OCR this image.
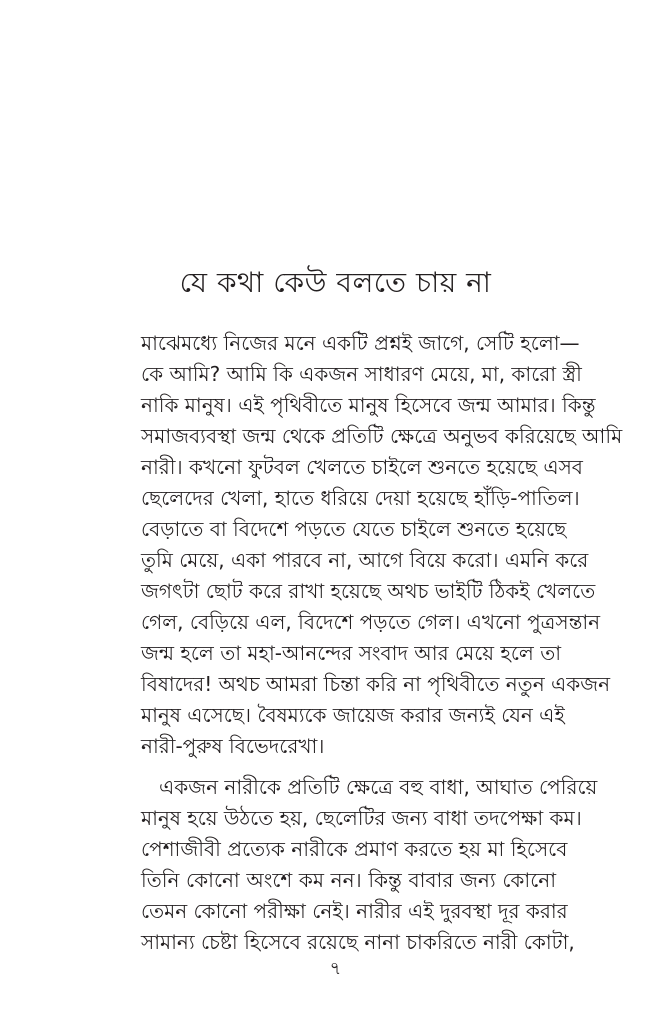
যে কথা কেউ বলতে চায় না
মাঝেমধ্যে নিজের মনে একটি প্রশ্নই জাগে, সেটি হলো—
কে আমি? আমি কি একজন সাধারণ মেয়ে, মা, কারো স্ত্রী
নাকি মানুষ। এই পৃথিবীতে মানুষ হিসেবে জন্ম আমার। কিন্তু
সমাজব্যবস্থা জন্ম থেকে প্রতিটি ক্ষেত্রে অনুভব করিয়েছে আমি
নারী। কখনো ফুটবল খেলতে চাইলে শুনতে হয়েছে এসব
ছেলেদের খেলা, হাতে ধরিয়ে দেয়া হয়েছে হাঁড়ি-পাতিল।
বেড়াতে বা বিদেশে পড়তে যেতে চাইলে শুনতে হয়েছে
তুমি মেয়ে, একা পারবে না, আগে বিয়ে করো। এমনি করে
জগৎটা ছোট করে রাখা হয়েছে অথচ ভাইটি ঠিকই খেলতে
গেল, বেড়িয়ে এল, বিদেশে পড়তে গেল। এখনো পুত্রসন্তান
জন্ম হলে তা মহা-আনন্দের সংবাদ আর মেয়ে হলে তা
বিষাদের! অথচ আমরা চিন্তা করি না পৃথিবীতে নতুন একজন
মানুষ এসেছে। বৈষম্যকে জায়েজ করার জন্যই যেন এই
নারী-পুরুষ বিভেদরেখা।
একজন নারীকে প্রতিটি ক্ষেত্রে বহু বাধা, আঘাত পেরিয়ে
মানুষ হয়ে উঠতে হয়, ছেলেটির জন্য বাধা তদপেক্ষা কম।
পেশাজীবী প্রত্যেক নারীকে প্রমাণ করতে হয় মা হিসেবে
তিনি কোনো অংশে কম নন। কিন্তু বাবার জন্য কোনো
তেমন কোনো পরীক্ষা নেই। নারীর এই দুরবস্থা দূর করার
সামান্য চেষ্টা হিসেবে রয়েছে নানা চাকরিতে নারী কোটা,
৭
